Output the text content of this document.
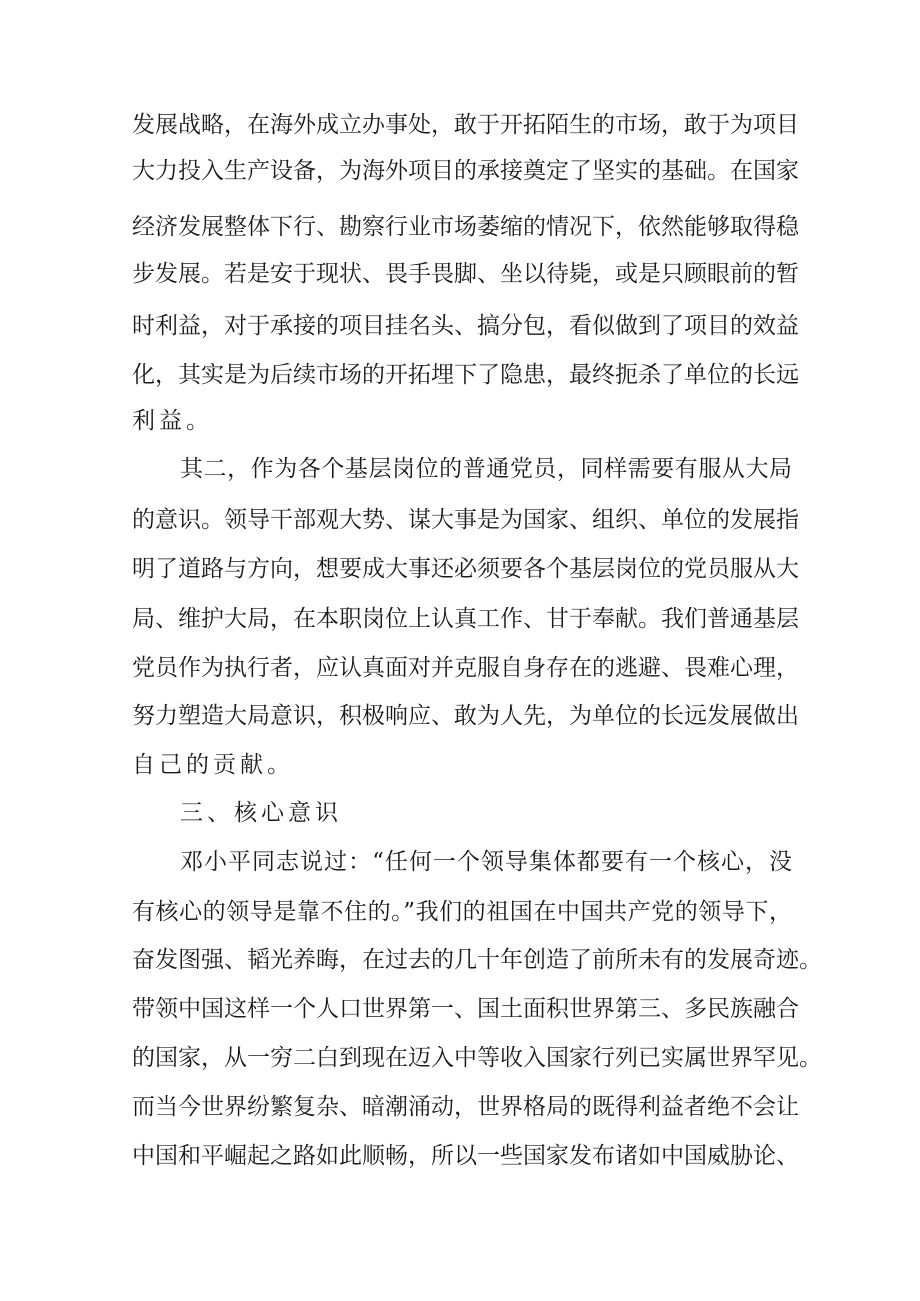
发展战略，在海外成立办事处，敢于开拓陌生的市场，敢于为项目
大力投入生产设备，为海外项目的承接奠定了坚实的基础。在国家
经济发展整体下行、勘察行业市场萎缩的情况下，依然能够取得稳
步发展。若是安于现状、畏手畏脚、坐以待毙，或是只顾眼前的暂
时利益，对于承接的项目挂名头、搞分包，看似做到了项目的效益
化，其实是为后续市场的开拓埋下了隐患，最终扼杀了单位的长远
利益。
其二，作为各个基层岗位的普通党员，同样需要有服从大局
的意识。领导干部观大势、谋大事是为国家、组织、单位的发展指
明了道路与方向，想要成大事还必须要各个基层岗位的党员服从大
局、维护大局，在本职岗位上认真工作、甘于奉献。我们普通基层
党员作为执行者，应认真面对并克服自身存在的逃避、畏难心理，
努力塑造大局意识，积极响应、敢为人先，为单位的长远发展做出
自己的贡献。
三、核心意识
邓小平同志说过：“任何一个领导集体都要有一个核心，没
有核心的领导是靠不住的。”我们的祖国在中国共产党的领导下，
奋发图强、韬光养晦，在过去的几十年创造了前所未有的发展奇迹。
带领中国这样一个人口世界第一、国土面积世界第三、多民族融合
的国家，从一穷二白到现在迈入中等收入国家行列已实属世界罕见。
而当今世界纷繁复杂、暗潮涌动，世界格局的既得利益者绝不会让
中国和平崛起之路如此顺畅，所以一些国家发布诸如中国威胁论、
